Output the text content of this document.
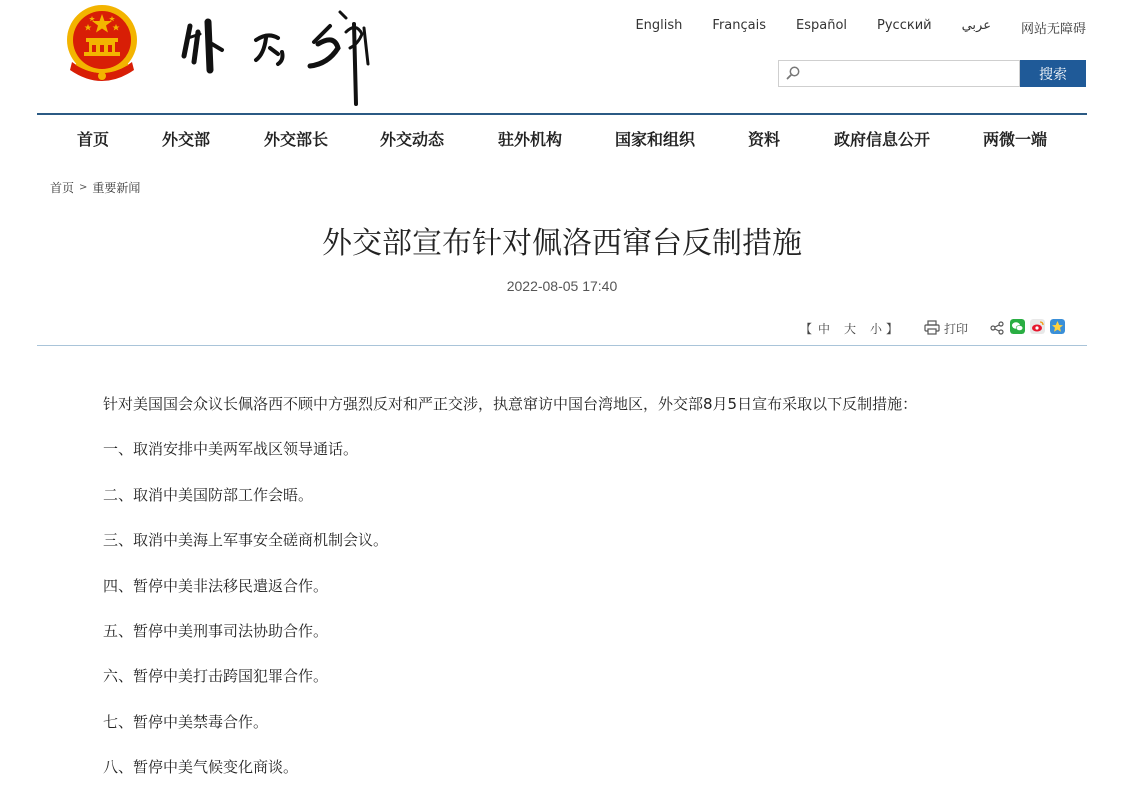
English Français Español Русский عربي 网站无障碍
搜索
首页	外交部	外交部长	外交动态	驻外机构	国家和组织	资料	政府信息公开	两微一端
首页 > 重要新闻
外交部宣布针对佩洛西窜台反制措施
2022-08-05 17:40
【 中 大 小 】	打印

针对美国国会众议长佩洛西不顾中方强烈反对和严正交涉，执意窜访中国台湾地区，外交部8月5日宣布采取以下反制措施：

一、取消安排中美两军战区领导通话。

二、取消中美国防部工作会晤。

三、取消中美海上军事安全磋商机制会议。

四、暂停中美非法移民遣返合作。

五、暂停中美刑事司法协助合作。

六、暂停中美打击跨国犯罪合作。

七、暂停中美禁毒合作。

八、暂停中美气候变化商谈。
